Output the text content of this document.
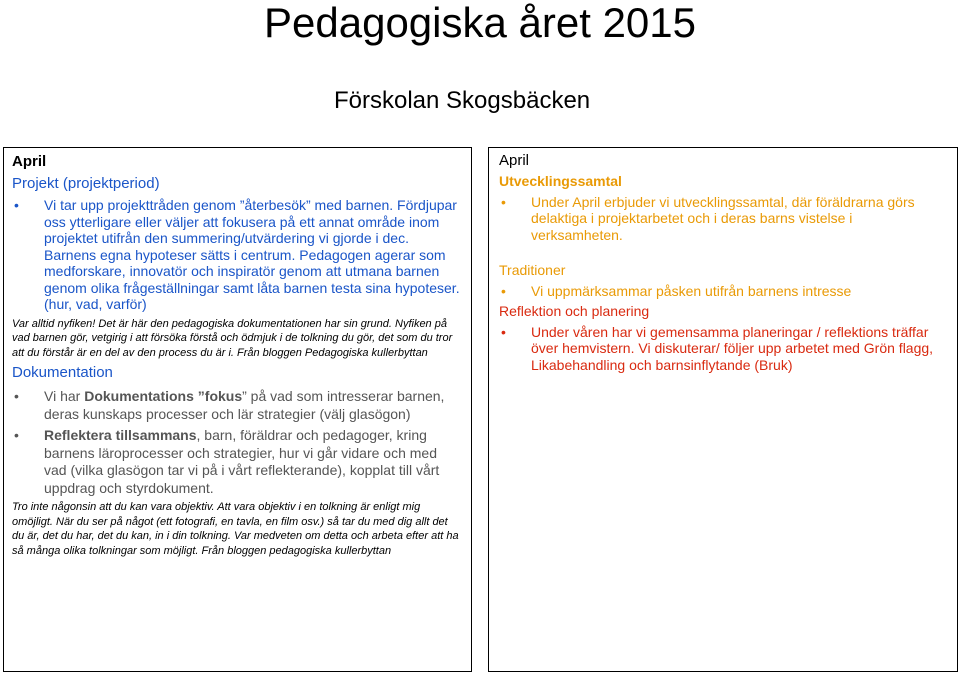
Pedagogiska året 2015
Förskolan Skogsbäcken
April
Projekt (projektperiod)
• Vi tar upp projekttråden genom ”återbesök” med barnen. Fördjupar oss ytterligare eller väljer att fokusera på ett annat område inom projektet utifrån den summering/utvärdering vi gjorde i dec. Barnens egna hypoteser sätts i centrum. Pedagogen agerar som medforskare, innovatör och inspiratör genom att utmana barnen genom olika frågeställningar samt låta barnen testa sina hypoteser. (hur, vad, varför)
Var alltid nyfiken! Det är här den pedagogiska dokumentationen har sin grund. Nyfiken på vad barnen gör, vetgirig i att försöka förstå och ödmjuk i de tolkning du gör, det som du tror att du förstår är en del av den process du är i. Från bloggen Pedagogiska kullerbyttan
Dokumentation
• Vi har Dokumentations ”fokus” på vad som intresserar barnen, deras kunskaps processer och lär strategier (välj glasögon)
• Reflektera tillsammans, barn, föräldrar och pedagoger, kring barnens läroprocesser och strategier, hur vi går vidare och med vad (vilka glasögon tar vi på i vårt reflekterande), kopplat till vårt uppdrag och styrdokument.
Tro inte någonsin att du kan vara objektiv. Att vara objektiv i en tolkning är enligt mig omöjligt. När du ser på något (ett fotografi, en tavla, en film osv.) så tar du med dig allt det du är, det du har, det du kan, in i din tolkning. Var medveten om detta och arbeta efter att ha så många olika tolkningar som möjligt. Från bloggen pedagogiska kullerbyttan
April
Utvecklingssamtal
• Under April erbjuder vi utvecklingssamtal, där föräldrarna görs delaktiga i projektarbetet och i deras barns vistelse i verksamheten.
Traditioner
• Vi uppmärksammar påsken utifrån barnens intresse
Reflektion och planering
• Under våren har vi gemensamma planeringar / reflektions träffar över hemvistern. Vi diskuterar/ följer upp arbetet med Grön flagg, Likabehandling och barnsinflytande (Bruk)
